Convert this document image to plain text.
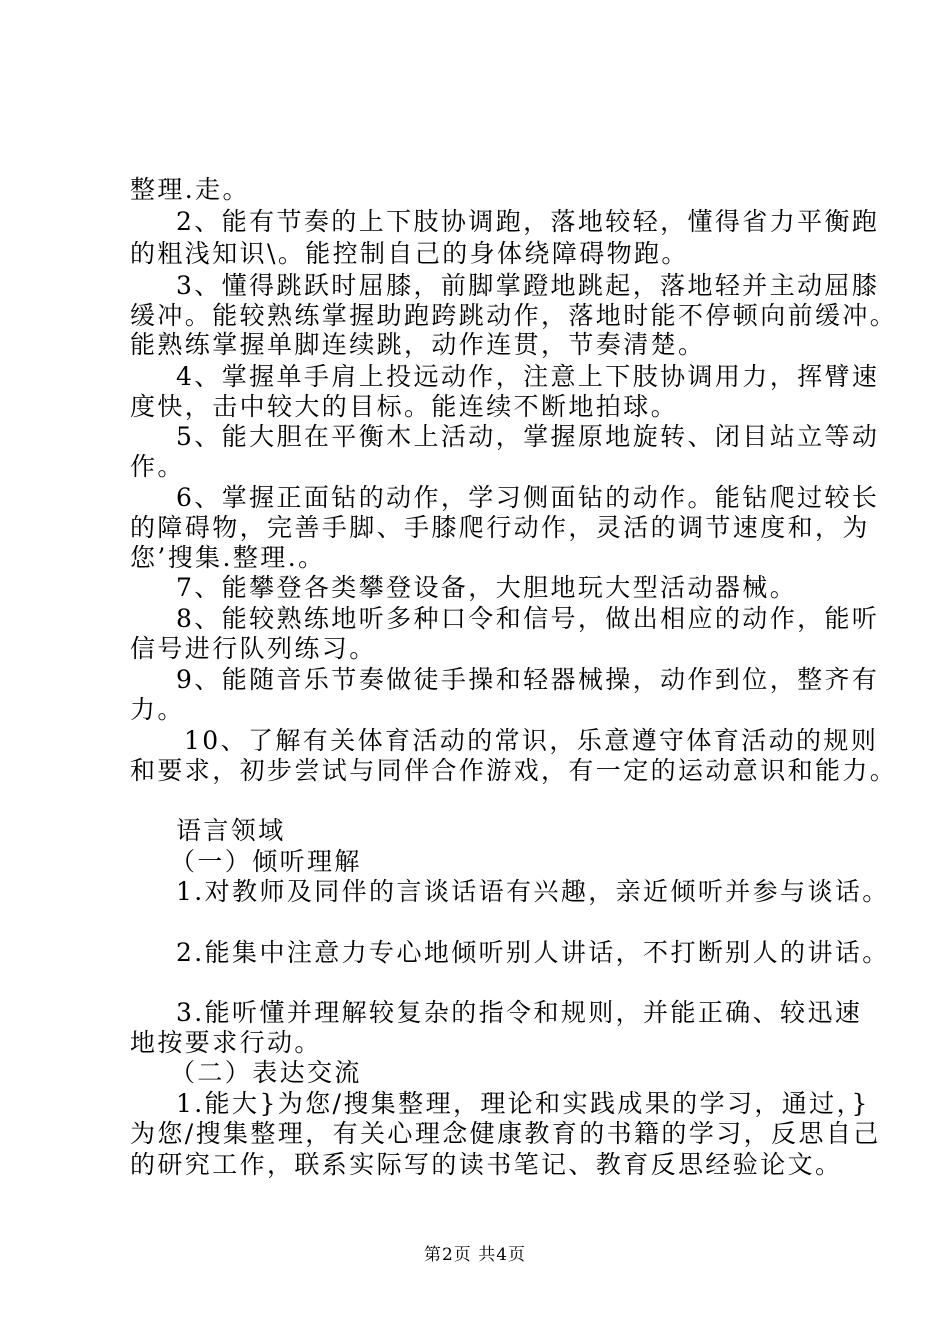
整理.走。
2、能有节奏的上下肢协调跑，落地较轻，懂得省力平衡跑
的粗浅知识\。能控制自己的身体绕障碍物跑。
3、懂得跳跃时屈膝，前脚掌蹬地跳起，落地轻并主动屈膝
缓冲。能较熟练掌握助跑跨跳动作，落地时能不停顿向前缓冲。
能熟练掌握单脚连续跳，动作连贯，节奏清楚。
4、掌握单手肩上投远动作，注意上下肢协调用力，挥臂速
度快，击中较大的目标。能连续不断地拍球。
5、能大胆在平衡木上活动，掌握原地旋转、闭目站立等动
作。
6、掌握正面钻的动作，学习侧面钻的动作。能钻爬过较长
的障碍物，完善手脚、手膝爬行动作，灵活的调节速度和，为
您’搜集.整理.。
7、能攀登各类攀登设备，大胆地玩大型活动器械。
8、能较熟练地听多种口令和信号，做出相应的动作，能听
信号进行队列练习。
9、能随音乐节奏做徒手操和轻器械操，动作到位，整齐有
力。
10、了解有关体育活动的常识，乐意遵守体育活动的规则
和要求，初步尝试与同伴合作游戏，有一定的运动意识和能力。
语言领域
（一）倾听理解
1.对教师及同伴的言谈话语有兴趣，亲近倾听并参与谈话。
2.能集中注意力专心地倾听别人讲话，不打断别人的讲话。
3.能听懂并理解较复杂的指令和规则，并能正确、较迅速
地按要求行动。
（二）表达交流
1.能大}为您/搜集整理，理论和实践成果的学习，通过，}
为您/搜集整理，有关心理念健康教育的书籍的学习，反思自己
的研究工作，联系实际写的读书笔记、教育反思经验论文。
第2页 共4页
